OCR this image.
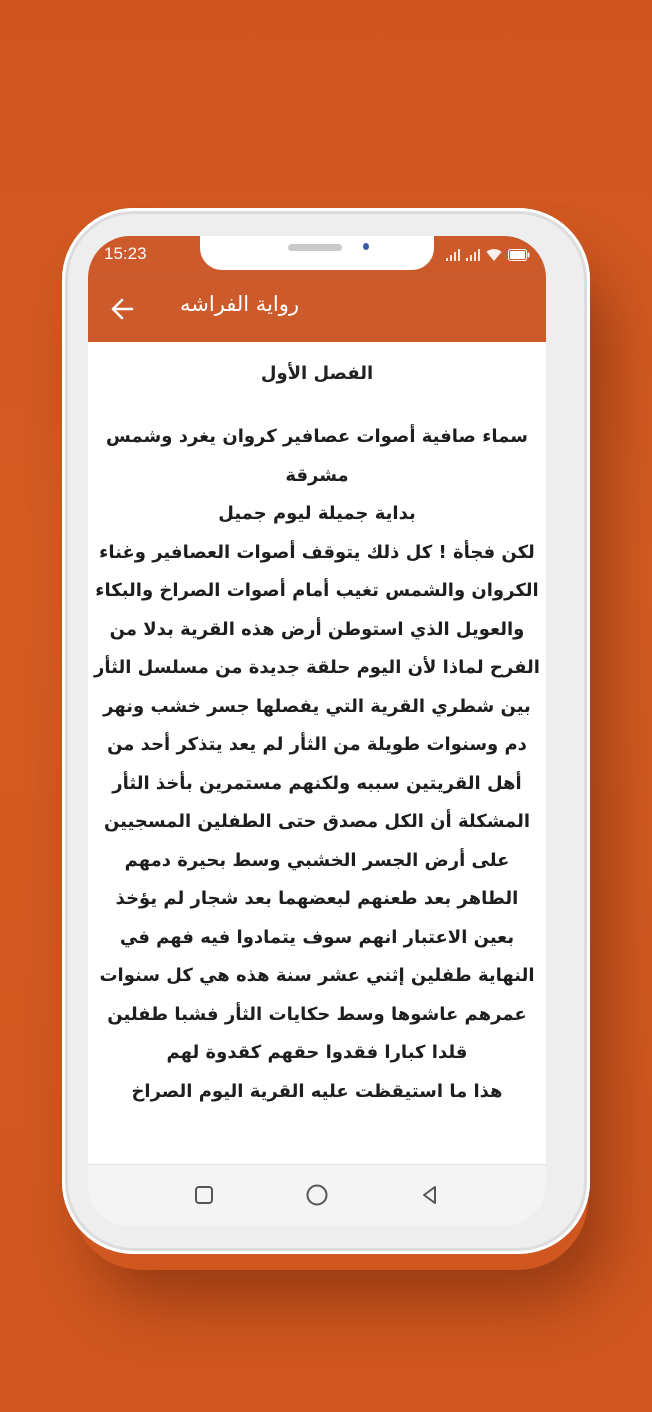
15:23
رواية الفراشه
الفصل الأول

سماء صافية أصوات عصافير كروان يغرد وشمس مشرقة

بداية جميلة ليوم جميل

لكن فجأة ! كل ذلك يتوقف أصوات العصافير وغناء الكروان والشمس تغيب أمام أصوات الصراخ والبكاء والعويل الذي استوطن أرض هذه القرية بدلا من الفرح لماذا لأن اليوم حلقة جديدة من مسلسل الثأر بين شطري القرية التي يفصلها جسر خشب ونهر دم وسنوات طويلة من الثأر لم يعد يتذكر أحد من أهل القريتين سببه ولكنهم مستمرين بأخذ الثأر

المشكلة أن الكل مصدق حتى الطفلين المسجيين على أرض الجسر الخشبي وسط بحيرة دمهم الطاهر بعد طعنهم لبعضهما بعد شجار لم يؤخذ بعين الاعتبار انهم سوف يتمادوا فيه فهم في النهاية طفلين إثني عشر سنة هذه هي كل سنوات عمرهم عاشوها وسط حكايات الثأر فشبا طفلين قلدا كبارا فقدوا حقهم كقدوة لهم

هذا ما استيقظت عليه القرية اليوم الصراخ
